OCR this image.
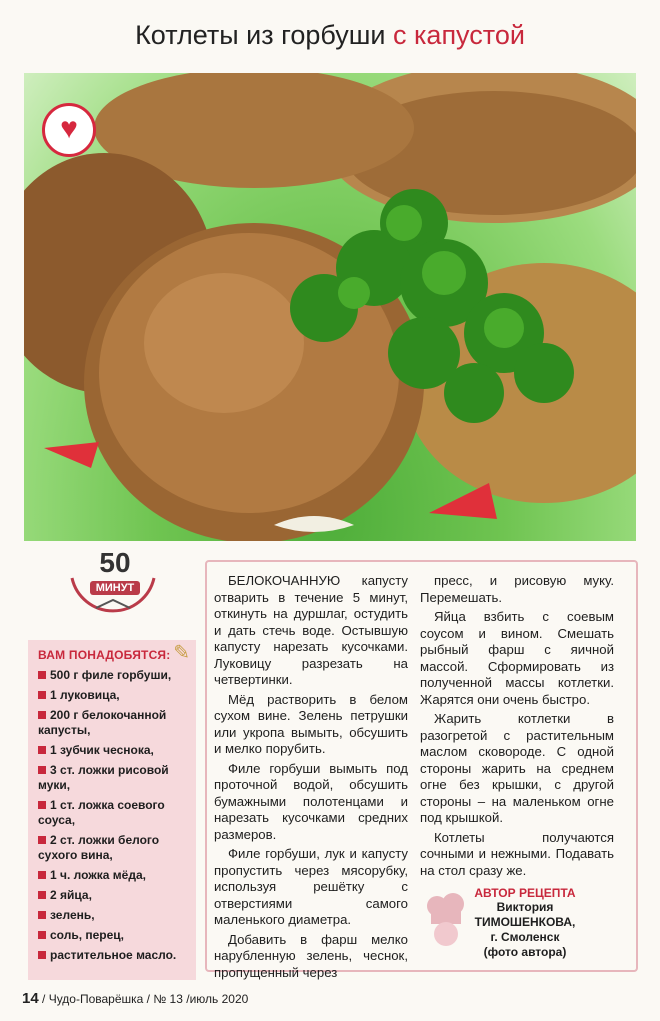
Котлеты из горбуши с капустой
♥
50
МИНУТ
✎
ВАМ ПОНАДОБЯТСЯ:
500 г филе горбуши,
1 луковица,
200 г белокочанной капусты,
1 зубчик чеснока,
3 ст. ложки рисовой муки,
1 ст. ложка соевого соуса,
2 ст. ложки белого сухого вина,
1 ч. ложка мёда,
2 яйца,
зелень,
соль, перец,
растительное масло.

БЕЛОКОЧАННУЮ капусту отварить в течение 5 минут, откинуть на дуршлаг, остудить и дать стечь воде. Остывшую капусту нарезать кусочками. Луковицу разрезать на четвертинки.

Мёд растворить в белом сухом вине. Зелень петрушки или укропа вымыть, обсушить и мелко порубить.

Филе горбуши вымыть под проточной водой, обсушить бумажными полотенцами и нарезать кусочками средних размеров.

Филе горбуши, лук и капусту пропустить через мясорубку, используя решётку с отверстиями самого маленького диаметра.

Добавить в фарш мелко нарубленную зелень, чеснок, пропущенный через

пресс, и рисовую муку. Перемешать.

Яйца взбить с соевым соусом и вином. Смешать рыбный фарш с яичной массой. Сформировать из полученной массы котлетки. Жарятся они очень быстро.

Жарить котлетки в разогретой с растительным маслом сковороде. С одной стороны жарить на среднем огне без крышки, с другой стороны – на маленьком огне под крышкой.

Котлеты получаются сочными и нежными. Подавать на стол сразу же.

АВТОР РЕЦЕПТА
Виктория
ТИМОШЕНКОВА,
г. Смоленск
(фото автора)
14 / Чудо-Поварёшка / № 13 /июль 2020
